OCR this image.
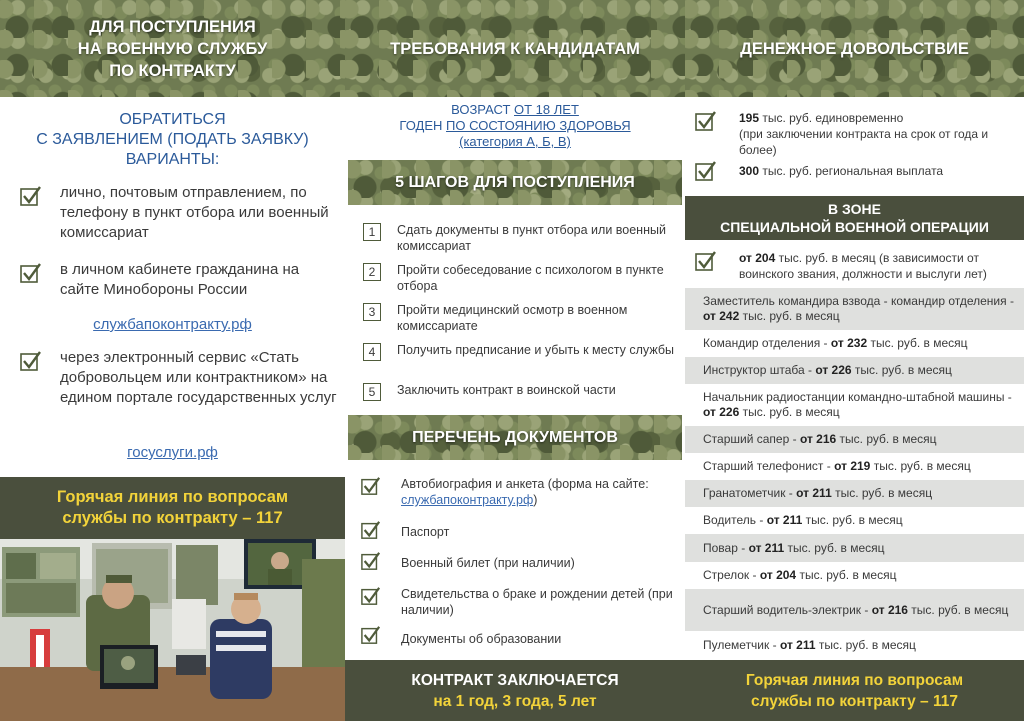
ДЛЯ ПОСТУПЛЕНИЯ
НА ВОЕННУЮ СЛУЖБУ
ПО КОНТРАКТУ
ОБРАТИТЬСЯ
С ЗАЯВЛЕНИЕМ (ПОДАТЬ ЗАЯВКУ)
ВАРИАНТЫ:
лично, почтовым отправлением, по телефону в пункт отбора или военный комиссариат
в личном кабинете гражданина на сайте Минобороны России
службапоконтракту.рф
через электронный сервис «Стать добровольцем или контрактником» на едином портале государственных услуг
госуслуги.рф
Горячая линия по вопросам
службы по контракту – 117
ТРЕБОВАНИЯ К КАНДИДАТАМ
ВОЗРАСТ ОТ 18 ЛЕТ
ГОДЕН ПО СОСТОЯНИЮ ЗДОРОВЬЯ
(категория А, Б, В)
5 ШАГОВ ДЛЯ ПОСТУПЛЕНИЯ
1	Сдать документы в пункт отбора или военный комиссариат
2	Пройти собеседование с психологом в пункте отбора
3	Пройти медицинский осмотр в военном комиссариате
4	Получить предписание и убыть к месту службы
5	Заключить контракт в воинской части
ПЕРЕЧЕНЬ ДОКУМЕНТОВ
Автобиография и анкета (форма на сайте: службапоконтракту.рф)
Паспорт
Военный билет (при наличии)
Свидетельства о браке и рождении детей (при наличии)
Документы об образовании
КОНТРАКТ ЗАКЛЮЧАЕТСЯ
на 1 год, 3 года, 5 лет
ДЕНЕЖНОЕ ДОВОЛЬСТВИЕ
195 тыс. руб. единовременно
(при заключении контракта на срок от года и более)
300 тыс. руб. региональная выплата
В ЗОНЕ
СПЕЦИАЛЬНОЙ ВОЕННОЙ ОПЕРАЦИИ
от 204 тыс. руб. в месяц (в зависимости от воинского звания, должности и выслуги лет)
Заместитель командира взвода - командир отделения - от 242 тыс. руб. в месяц
Командир отделения - от 232 тыс. руб. в месяц
Инструктор штаба - от 226 тыс. руб. в месяц
Начальник радиостанции командно-штабной машины - от 226 тыс. руб. в месяц
Старший сапер - от 216 тыс. руб. в месяц
Старший телефонист - от 219 тыс. руб. в месяц
Гранатометчик - от 211 тыс. руб. в месяц
Водитель - от 211 тыс. руб. в месяц
Повар - от 211 тыс. руб. в месяц
Стрелок - от 204 тыс. руб. в месяц
Старший водитель-электрик - от 216 тыс. руб. в месяц
Пулеметчик - от 211 тыс. руб. в месяц
Горячая линия по вопросам
службы по контракту – 117
